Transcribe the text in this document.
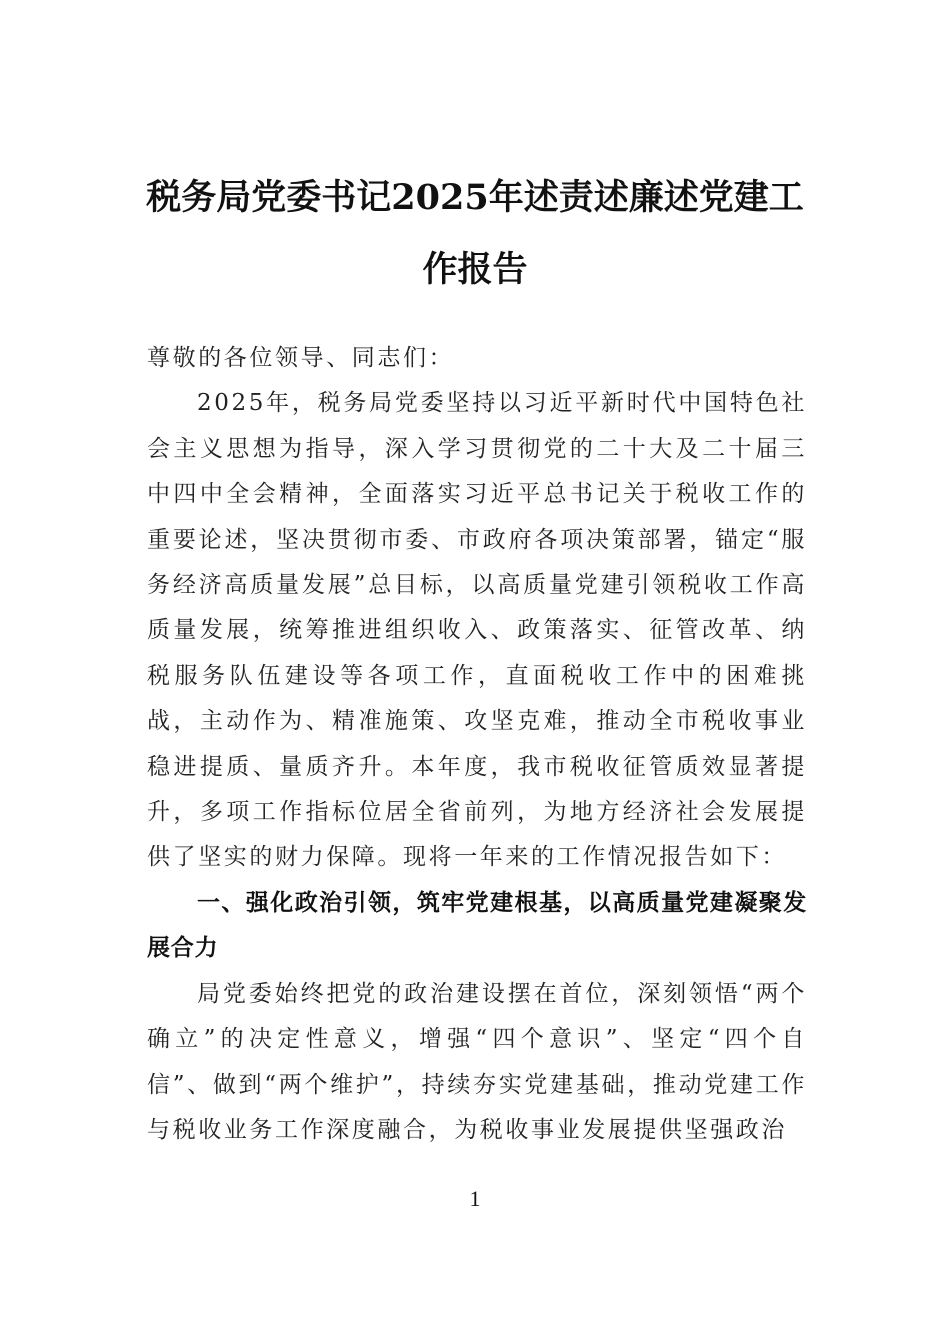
税务局党委书记2025年述责述廉述党建工作报告

尊敬的各位领导、同志们：

2025年，税务局党委坚持以习近平新时代中国特色社会主义思想为指导，深入学习贯彻党的二十大及二十届三中四中全会精神，全面落实习近平总书记关于税收工作的重要论述，坚决贯彻市委、市政府各项决策部署，锚定“服务经济高质量发展”总目标，以高质量党建引领税收工作高质量发展，统筹推进组织收入、政策落实、征管改革、纳税服务队伍建设等各项工作，直面税收工作中的困难挑战，主动作为、精准施策、攻坚克难，推动全市税收事业稳进提质、量质齐升。本年度，我市税收征管质效显著提升，多项工作指标位居全省前列，为地方经济社会发展提供了坚实的财力保障。现将一年来的工作情况报告如下：

一、强化政治引领，筑牢党建根基，以高质量党建凝聚发展合力

局党委始终把党的政治建设摆在首位，深刻领悟“两个确立”的决定性意义，增强“四个意识”、坚定“四个自信”、做到“两个维护”，持续夯实党建基础，推动党建工作与税收业务工作深度融合，为税收事业发展提供坚强政治

1
